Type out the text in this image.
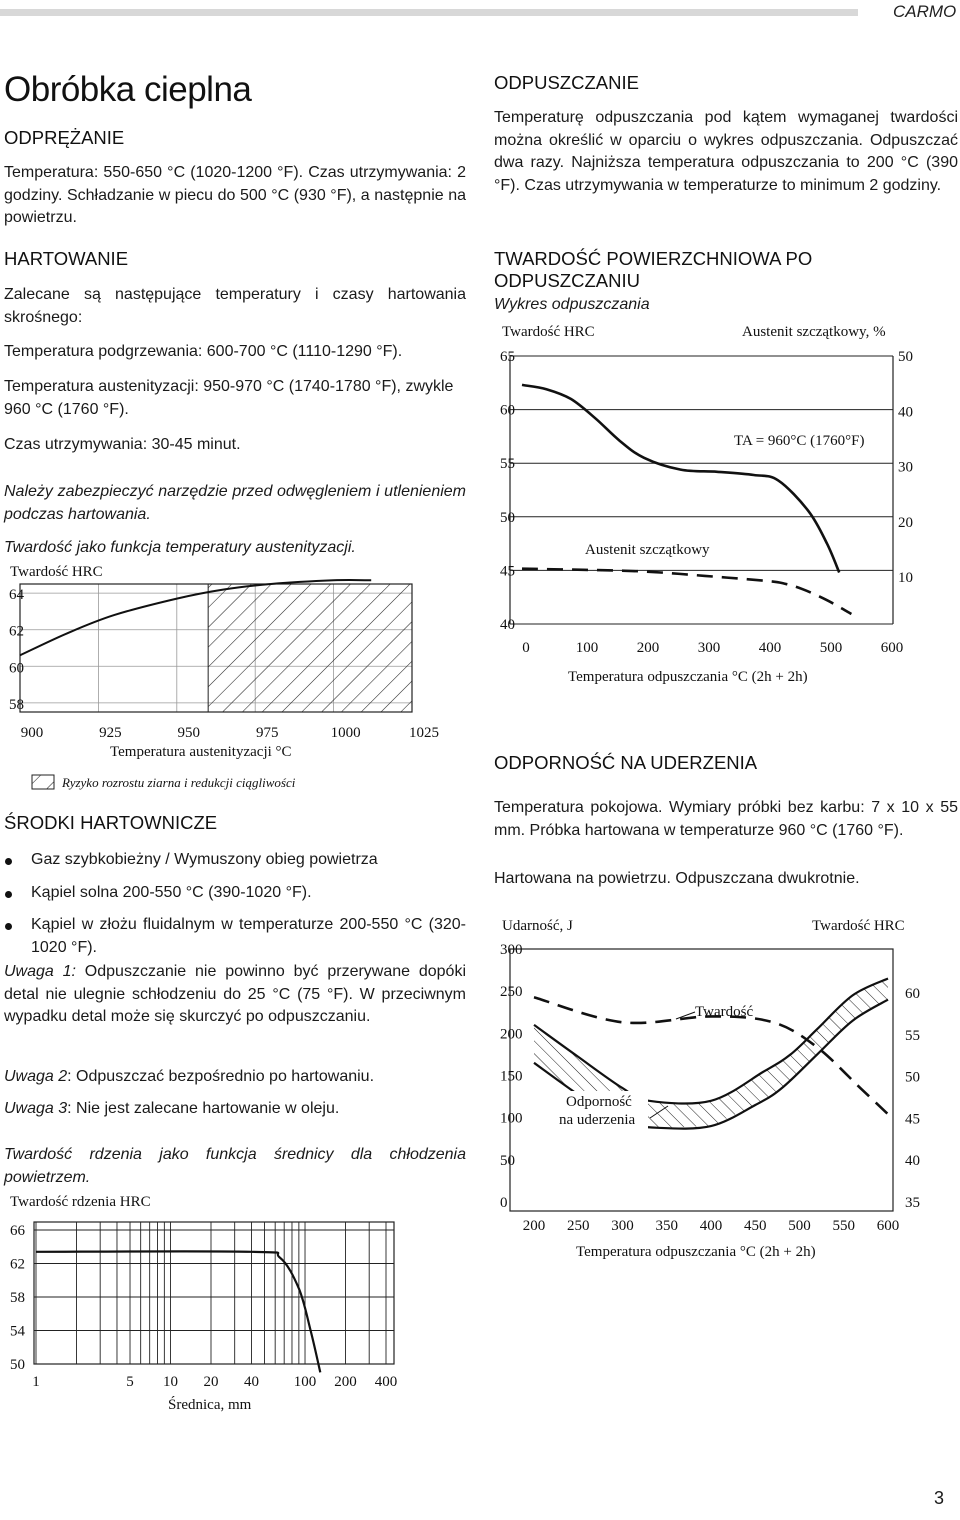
CARMO
Obróbka cieplna
ODPRĘŻANIE
Temperatura: 550-650 °C (1020-1200 °F). Czas utrzymywania: 2 godziny. Schładzanie w piecu do 500 °C (930 °F), a następnie na powietrzu.
HARTOWANIE
Zalecane są następujące temperatury i czasy hartowania skrośnego:
Temperatura podgrzewania: 600-700 °C (1110-1290 °F).
Temperatura austenityzacji: 950-970 °C (1740-1780 °F), zwykle 960 °C (1760 °F).
Czas utrzymywania: 30-45 minut.
Należy zabezpieczyć narzędzie przed odwęgleniem i utlenieniem podczas hartowania.
Twardość jako funkcja temperatury austenityzacji.
Twardość HRC
64
62
60
58
900	925	950	975	1000	1025
Temperatura austenityzacji °C
Ryzyko rozrostu ziarna i redukcji ciągliwości
ŚRODKI HARTOWNICZE
Gaz szybkobieżny / Wymuszony obieg powietrza
Kąpiel solna 200-550 °C (390-1020 °F).
Kąpiel w złożu fluidalnym w temperaturze 200-550 °C (320-1020 °F).
Uwaga 1: Odpuszczanie nie powinno być przerywane dopóki detal nie ulegnie schłodzeniu do 25 °C (75 °F). W przeciwnym wypadku detal może się skurczyć po odpuszczaniu.
Uwaga 2: Odpuszczać bezpośrednio po hartowaniu.
Uwaga 3: Nie jest zalecane hartowanie w oleju.
Twardość rdzenia jako funkcja średnicy dla chłodzenia powietrzem.
Twardość rdzenia HRC
66
62
58
54
50
1	5 10 20 40 100 200 400
Średnica, mm
ODPUSZCZANIE
Temperaturę odpuszczania pod kątem wymaganej twardości można określić w oparciu o wykres odpuszczania. Odpuszczać dwa razy. Najniższa temperatura odpuszczania to 200 °C (390 °F). Czas utrzymywania w temperaturze to minimum 2 godziny.
TWARDOŚĆ POWIERZCHNIOWA PO ODPUSZCZANIU
Wykres odpuszczania
Twardość HRC	Austenit szczątkowy, %
TA = 960°C (1760°F)
Austenit szczątkowy
65
60
55
50
45
40
50
40
30
20
10
0	100	200	300	400	500	600
Temperatura odpuszczania °C (2h + 2h)
ODPORNOŚĆ NA UDERZENIA
Temperatura pokojowa. Wymiary próbki bez karbu: 7 x 10 x 55 mm. Próbka hartowana w temperaturze 960 °C (1760 °F).
Hartowana na powietrzu. Odpuszczana dwukrotnie.
Udarność, J	Twardość HRC
Twardość
Odporność
na uderzenia
300
250
200
150
100
50
0
60
55
50
45
40
35
200 250 300 350 400 450 500 550 600
Temperatura odpuszczania °C (2h + 2h)
3
